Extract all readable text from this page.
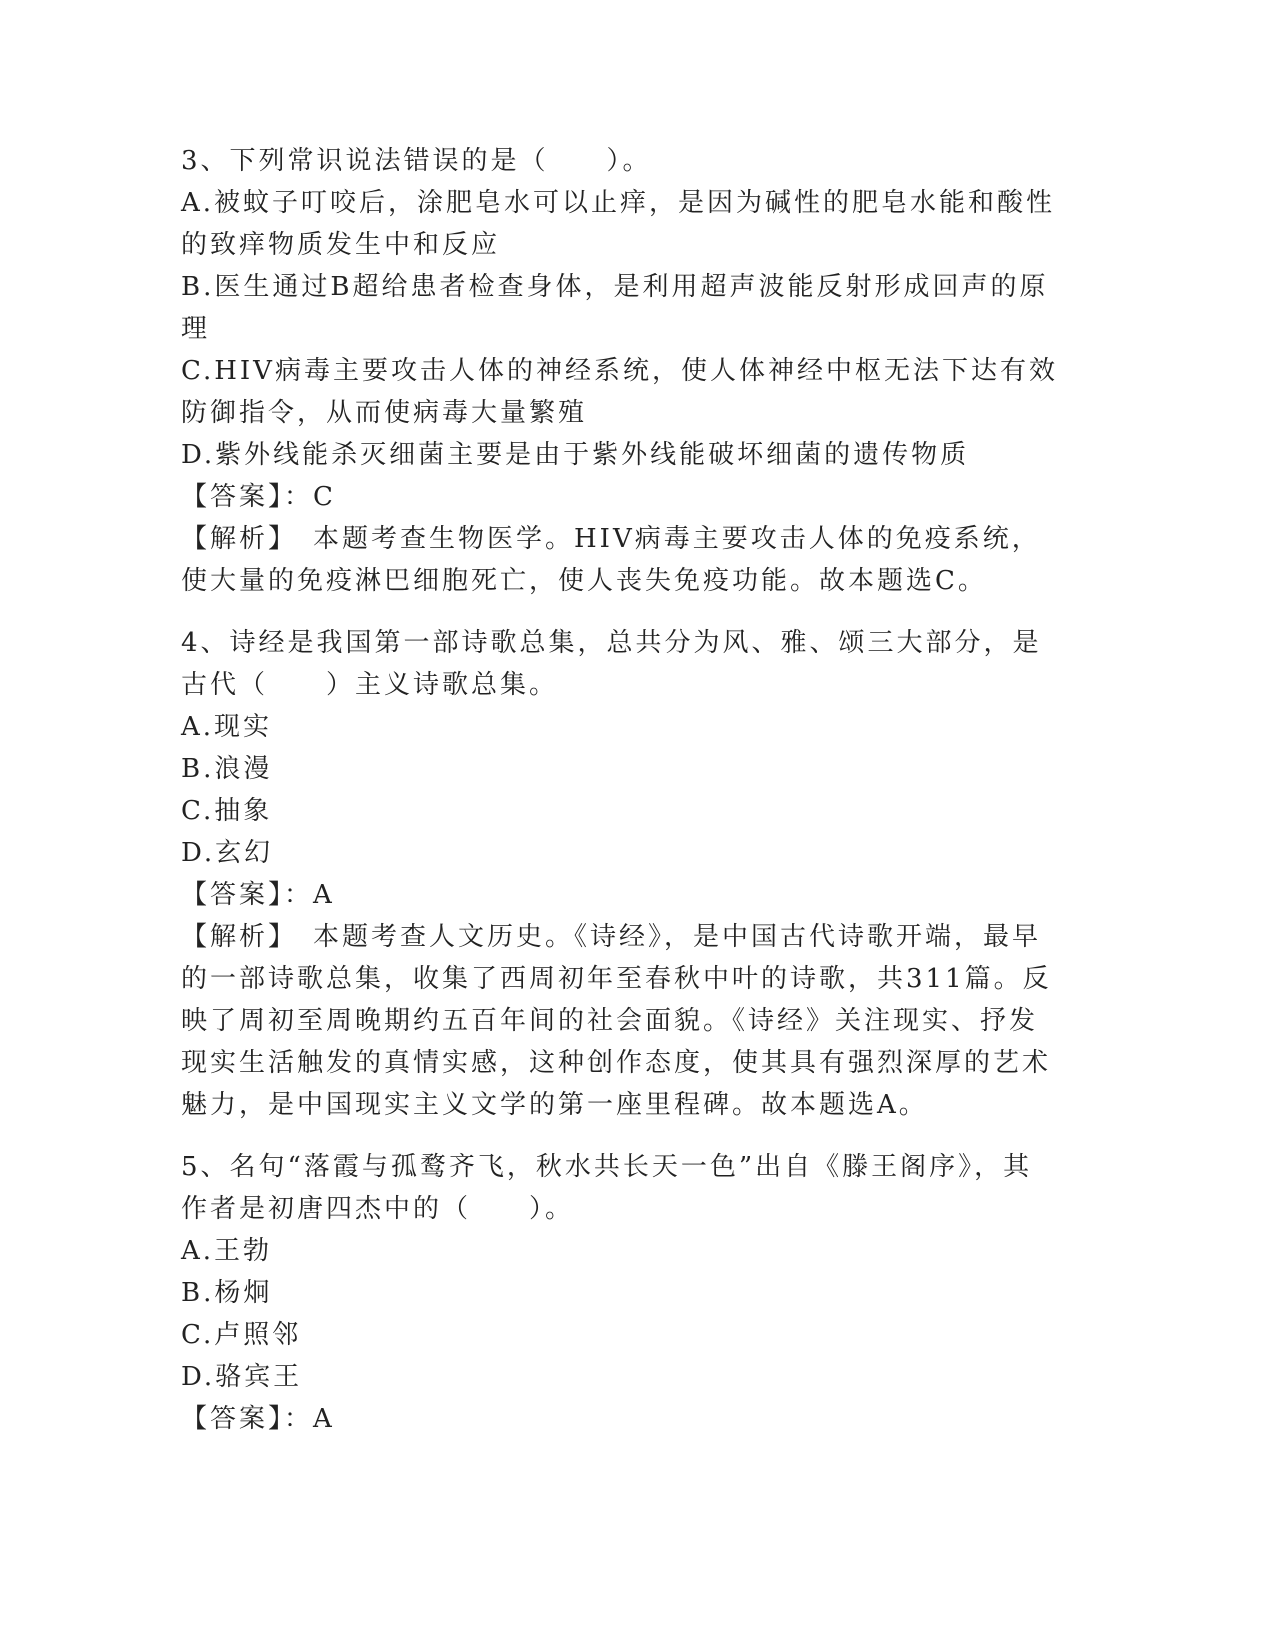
3、下列常识说法错误的是（　　）。

A.被蚊子叮咬后，涂肥皂水可以止痒，是因为碱性的肥皂水能和酸性的致痒物质发生中和反应

B.医生通过B超给患者检查身体，是利用超声波能反射形成回声的原理

C.HIV病毒主要攻击人体的神经系统，使人体神经中枢无法下达有效防御指令，从而使病毒大量繁殖

D.紫外线能杀灭细菌主要是由于紫外线能破坏细菌的遗传物质

【答案】：C

【解析】　本题考查生物医学。HIV病毒主要攻击人体的免疫系统，使大量的免疫淋巴细胞死亡，使人丧失免疫功能。故本题选C。

4、诗经是我国第一部诗歌总集，总共分为风、雅、颂三大部分，是古代（　　）主义诗歌总集。

A.现实

B.浪漫

C.抽象

D.玄幻

【答案】：A

【解析】　本题考查人文历史。《诗经》，是中国古代诗歌开端，最早的一部诗歌总集，收集了西周初年至春秋中叶的诗歌，共311篇。反映了周初至周晚期约五百年间的社会面貌。《诗经》关注现实、抒发现实生活触发的真情实感，这种创作态度，使其具有强烈深厚的艺术魅力，是中国现实主义文学的第一座里程碑。故本题选A。

5、名句“落霞与孤鹜齐飞，秋水共长天一色”出自《滕王阁序》，其作者是初唐四杰中的（　　）。

A.王勃

B.杨炯

C.卢照邻

D.骆宾王

【答案】：A
